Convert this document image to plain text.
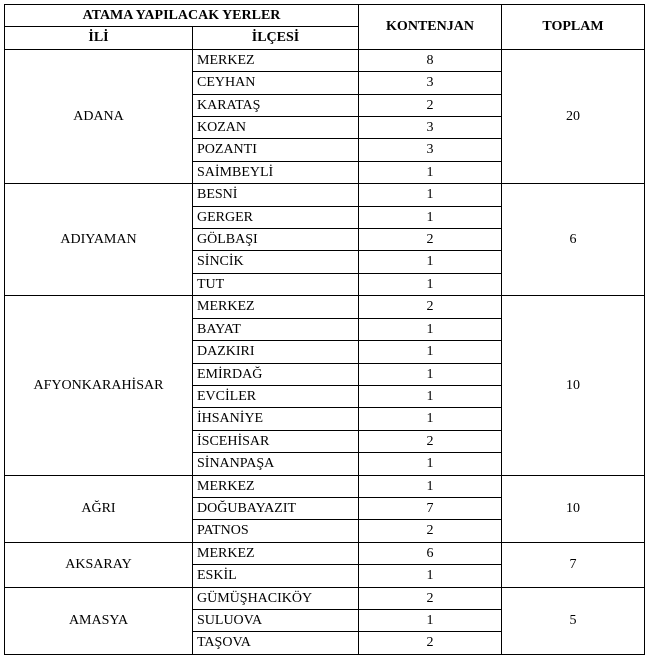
ATAMA YAPILACAK YERLER		KONTENJAN	TOPLAM
İLİ	İLÇESİ		
ADANA	MERKEZ	8	20
	CEYHAN	3	
	KARATAŞ	2	
	KOZAN	3	
	POZANTI	3	
	SAİMBEYLİ	1	
ADIYAMAN	BESNİ	1	6
	GERGER	1	
	GÖLBAŞI	2	
	SİNCİK	1	
	TUT	1	
AFYONKARAHİSAR	MERKEZ	2	10
	BAYAT	1	
	DAZKIRI	1	
	EMİRDAĞ	1	
	EVCİLER	1	
	İHSANİYE	1	
	İSCEHİSAR	2	
	SİNANPAŞA	1	
AĞRI	MERKEZ	1	10
	DOĞUBAYAZIT	7	
	PATNOS	2	
AKSARAY	MERKEZ	6	7
	ESKİL	1	
AMASYA	GÜMÜŞHACIKÖY	2	5
	SULUOVA	1	
	TAŞOVA	2	
